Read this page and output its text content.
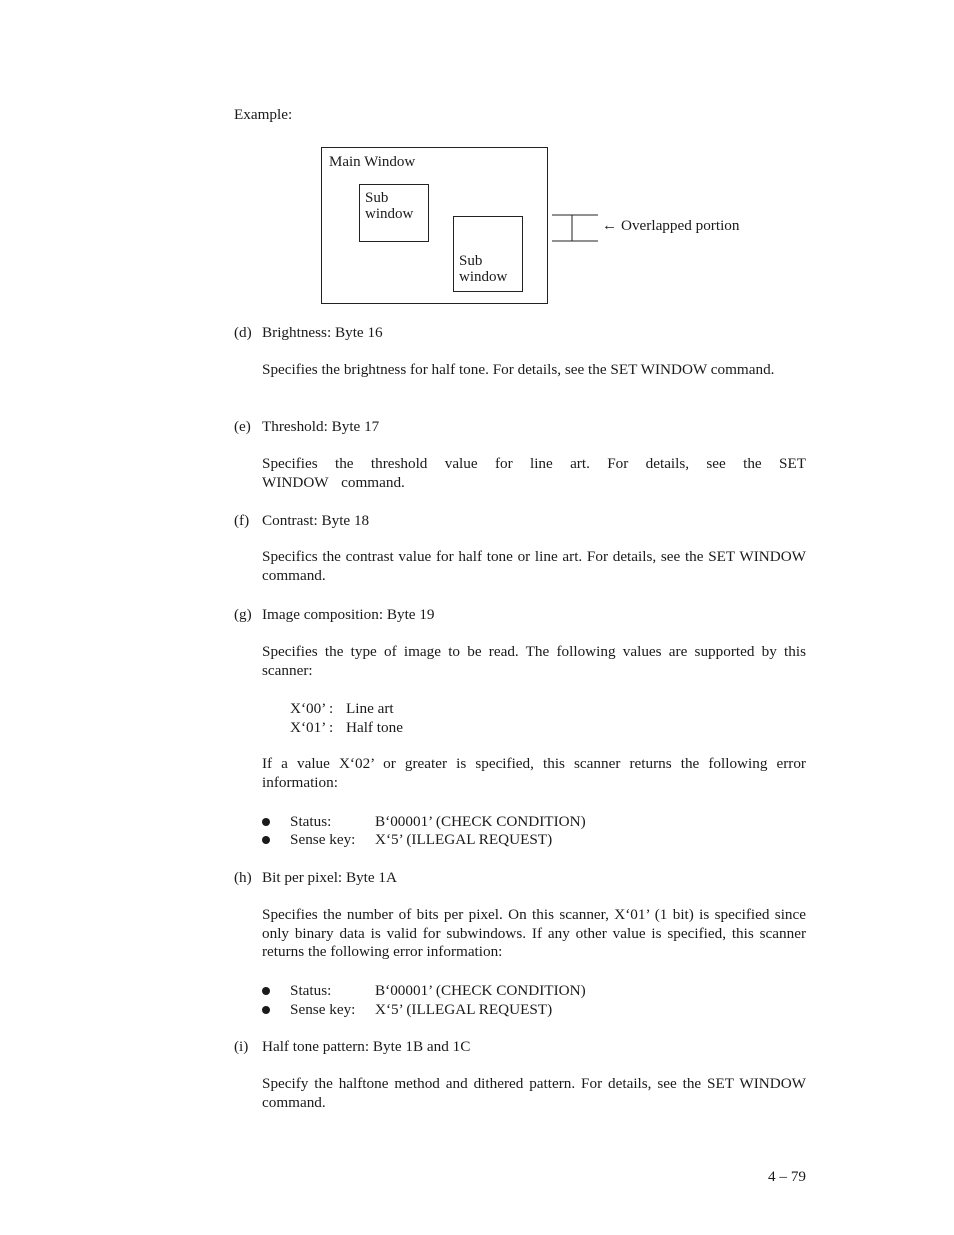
Example:
Main Window
Sub
window
Sub
window
← Overlapped portion
(d) Brightness: Byte 16
Specifies the brightness for half tone. For details, see the SET WINDOW command.
(e) Threshold: Byte 17
Specifies the threshold value for line art. For details, see the SET WINDOW command.
(f) Contrast: Byte 18
Specifics the contrast value for half tone or line art. For details, see the SET WINDOW command.
(g) Image composition: Byte 19
Specifies the type of image to be read. The following values are supported by this scanner:
X‘00’ : Line art
X‘01’ : Half tone
If a value X‘02’ or greater is specified, this scanner returns the following error information:
Status:	B‘00001’ (CHECK CONDITION)
Sense key: X‘5’ (ILLEGAL REQUEST)
(h) Bit per pixel: Byte 1A
Specifies the number of bits per pixel. On this scanner, X‘01’ (1 bit) is specified since only binary data is valid for subwindows. If any other value is specified, this scanner returns the following error information:
Status:	B‘00001’ (CHECK CONDITION)
Sense key: X‘5’ (ILLEGAL REQUEST)
(i) Half tone pattern: Byte 1B and 1C
Specify the halftone method and dithered pattern. For details, see the SET WINDOW command.
4 – 79
